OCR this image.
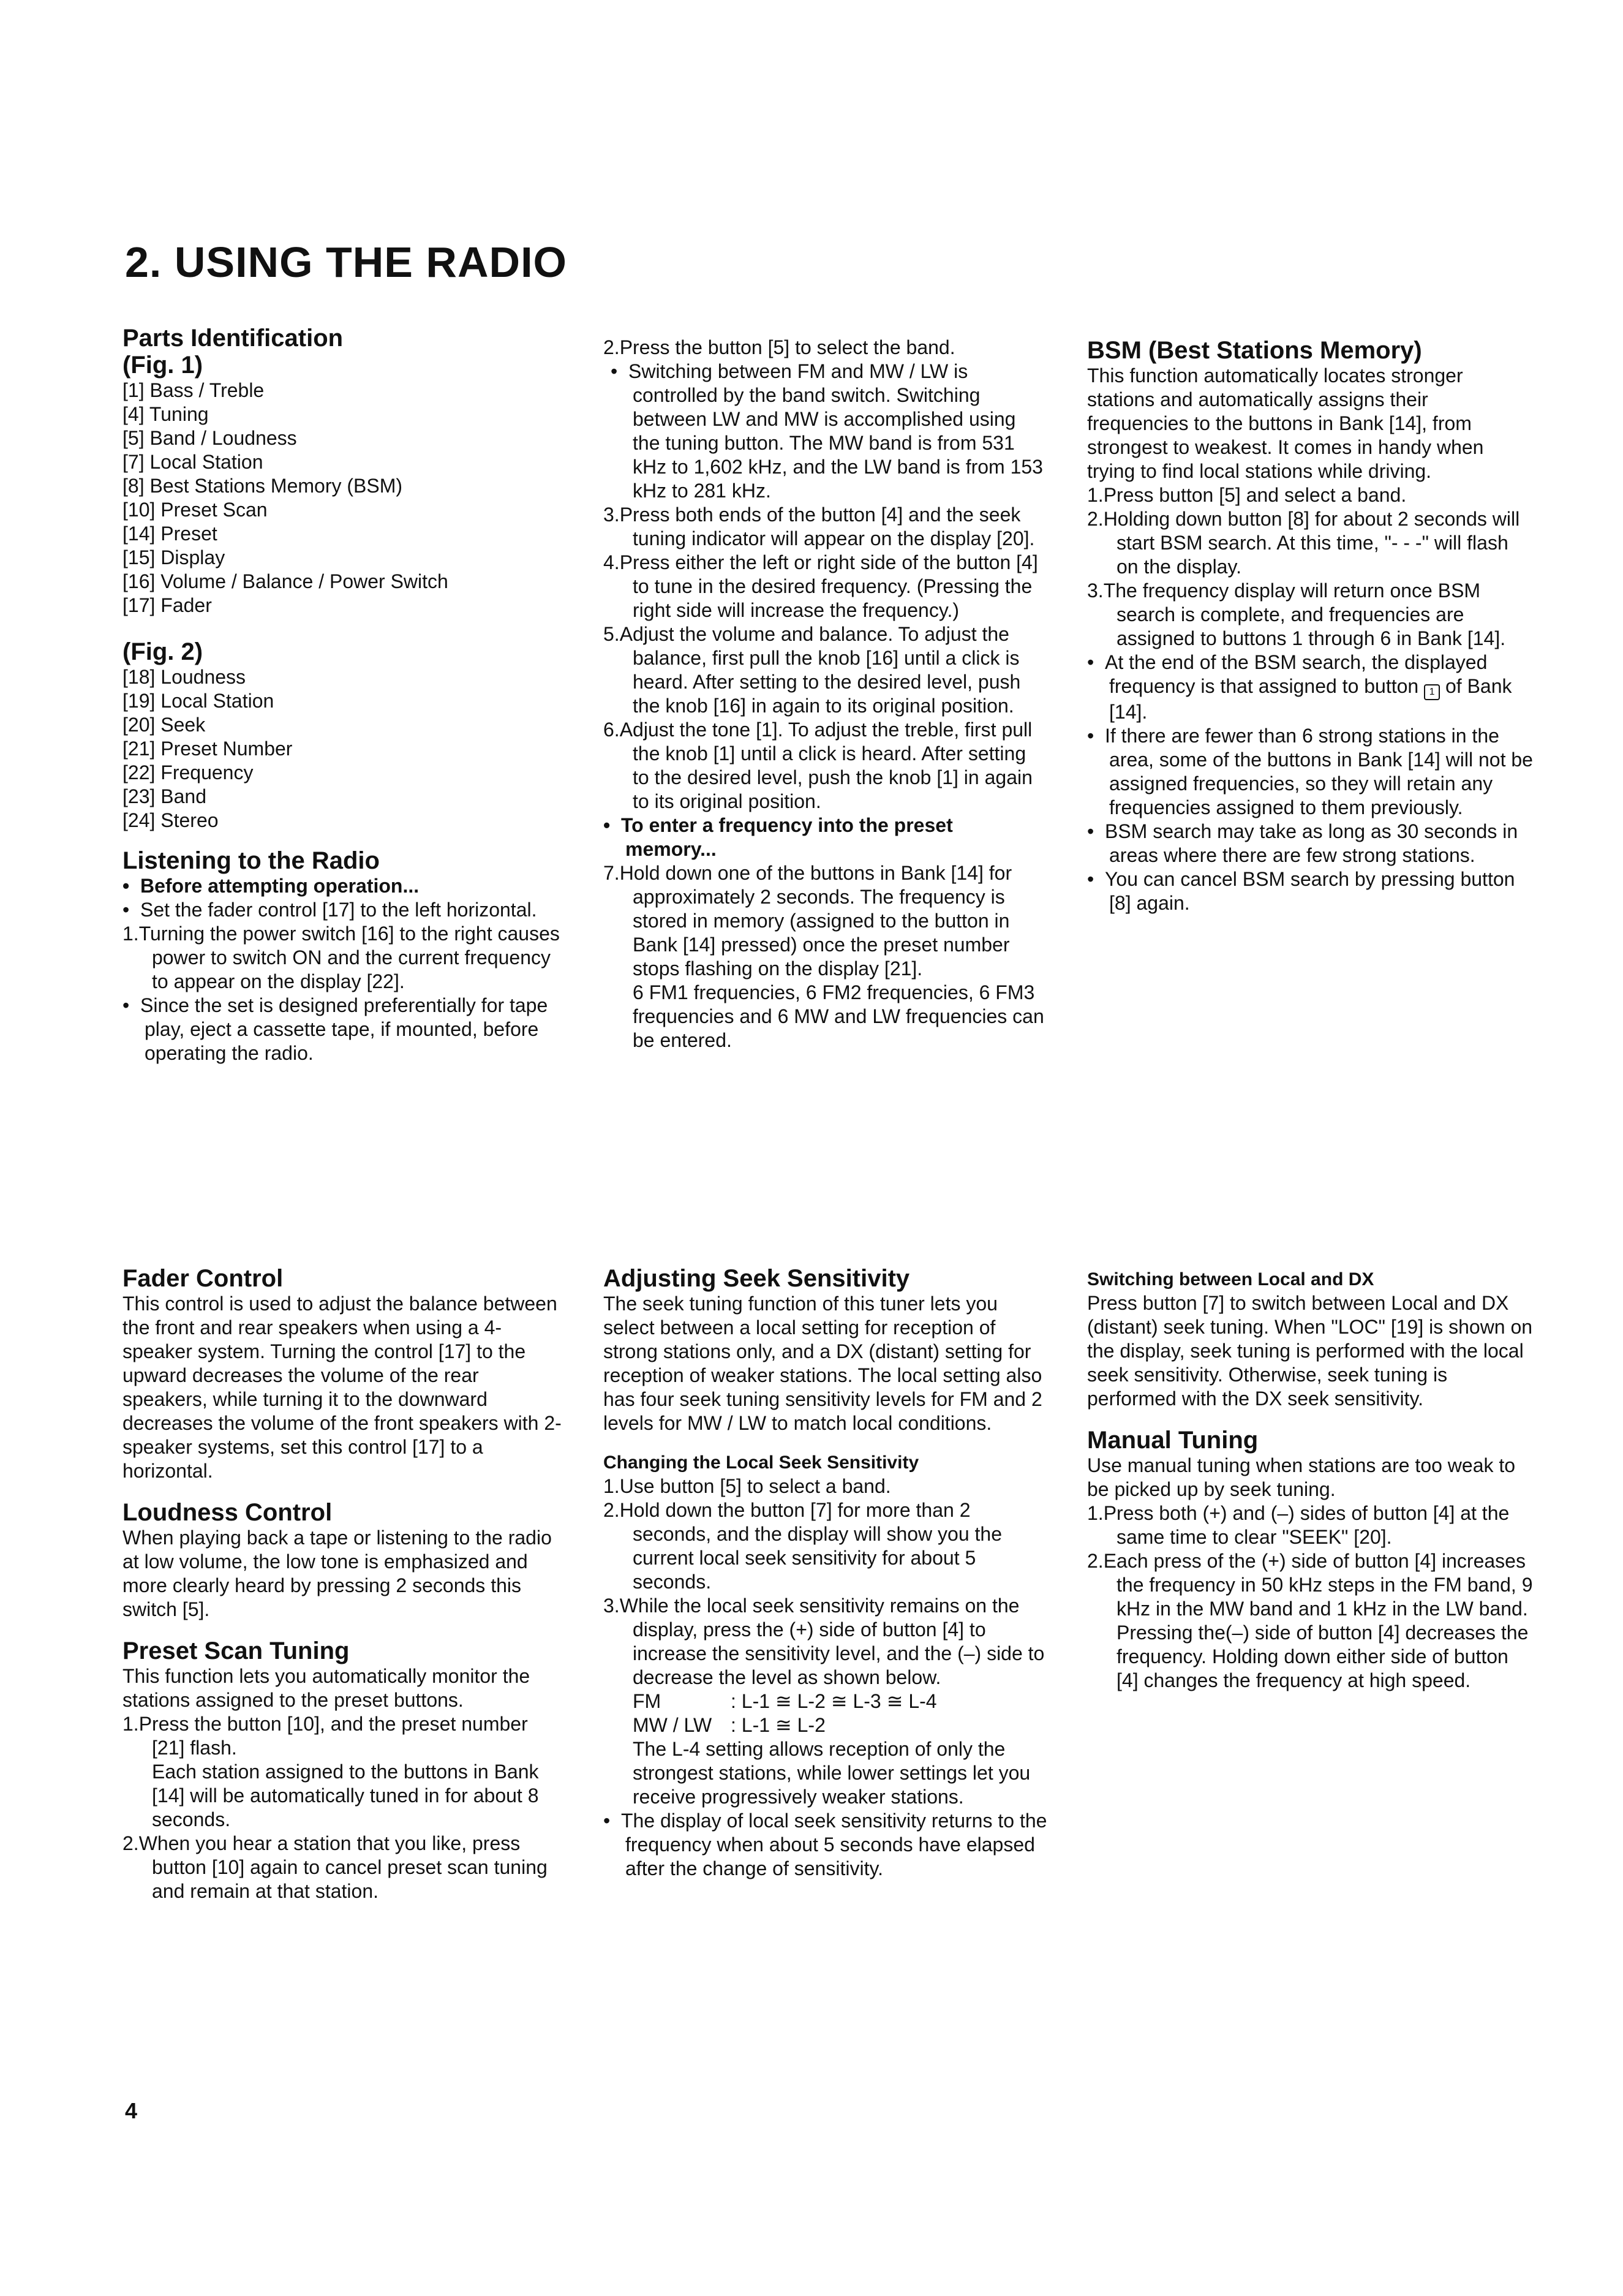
2. USING THE RADIO

Parts Identification

(Fig. 1)

[1] Bass / Treble

[4] Tuning

[5] Band / Loudness

[7] Local Station

[8] Best Stations Memory (BSM)

[10] Preset Scan

[14] Preset

[15] Display

[16] Volume / Balance / Power Switch

[17] Fader

(Fig. 2)

[18] Loudness

[19] Local Station

[20] Seek

[21] Preset Number

[22] Frequency

[23] Band

[24] Stereo

Listening to the Radio

•  Before attempting operation...

•  Set the fader control [17] to the left horizontal.

1.Turning the power switch [16] to the right causes power to switch ON and the current frequency to appear on the display [22].

•  Since the set is designed preferentially for tape play, eject a cassette tape, if mounted, before operating the radio.

2.Press the button [5] to select the band.

•  Switching between FM and MW / LW is controlled by the band switch. Switching between LW and MW is accomplished using the tuning button. The MW band is from 531 kHz to 1,602 kHz, and the LW band is from 153 kHz to 281 kHz.

3.Press both ends of the button [4] and the seek tuning indicator will appear on the display [20].

4.Press either the left or right side of the button [4] to tune in the desired frequency. (Pressing the right side will increase the frequency.)

5.Adjust the volume and balance. To adjust the balance, first pull the knob [16] until a click is heard. After setting to the desired level, push the knob [16] in again to its original position.

6.Adjust the tone [1]. To adjust the treble, first pull the knob [1] until a click is heard. After setting to the desired level, push the knob [1] in again to its original position.

•  To enter a frequency into the preset memory...

7.Hold down one of the buttons in Bank [14] for approximately 2 seconds. The frequency is stored in memory (assigned to the button in Bank [14] pressed) once the preset number stops flashing on the display [21].

6 FM1 frequencies, 6 FM2 frequencies, 6 FM3 frequencies and 6 MW and LW frequencies can be entered.

BSM (Best Stations Memory)

This function automatically locates stronger stations and automatically assigns their frequencies to the buttons in Bank [14], from strongest to weakest. It comes in handy when trying to find local stations while driving.

1.Press button [5] and select a band.

2.Holding down button [8] for about 2 seconds will start BSM search. At this time, "- - -" will flash on the display.

3.The frequency display will return once BSM search is complete, and frequencies are assigned to buttons 1 through 6 in Bank [14].

•  At the end of the BSM search, the displayed frequency is that assigned to button 1 of Bank [14].

•  If there are fewer than 6 strong stations in the area, some of the buttons in Bank [14] will not be assigned frequencies, so they will retain any frequencies assigned to them previously.

•  BSM search may take as long as 30 seconds in areas where there are few strong stations.

•  You can cancel BSM search by pressing button [8] again.

Fader Control

This control is used to adjust the balance between the front and rear speakers when using a 4-speaker system. Turning the control [17] to the upward decreases the volume of the rear speakers, while turning it to the downward decreases the volume of the front speakers with 2-speaker systems, set this control [17] to a horizontal.

Loudness Control

When playing back a tape or listening to the radio at low volume, the low tone is emphasized and more clearly heard by pressing 2 seconds this switch [5].

Preset Scan Tuning

This function lets you automatically monitor the stations assigned to the preset buttons.

1.Press the button [10], and the preset number [21] flash.

Each station assigned to the buttons in Bank [14] will be automatically tuned in for about 8 seconds.

2.When you hear a station that you like, press button [10] again to cancel preset scan tuning and remain at that station.

Adjusting Seek Sensitivity

The seek tuning function of this tuner lets you select between a local setting for reception of strong stations only, and a DX (distant) setting for reception of weaker stations. The local setting also has four seek tuning sensitivity levels for FM and 2 levels for MW / LW to match local conditions.

Changing the Local Seek Sensitivity

1.Use button [5] to select a band.

2.Hold down the button [7] for more than 2 seconds, and the display will show you the current local seek sensitivity for about 5 seconds.

3.While the local seek sensitivity remains on the display, press the (+) side of button [4] to increase the sensitivity level, and the (–) side to decrease the level as shown below.

FM	: L-1 ≅ L-2 ≅ L-3 ≅ L-4

MW / LW : L-1 ≅ L-2

The L-4 setting allows reception of only the strongest stations, while lower settings let you receive progressively weaker stations.

•  The display of local seek sensitivity returns to the frequency when about 5 seconds have elapsed after the change of sensitivity.

Switching between Local and DX

Press button [7] to switch between Local and DX (distant) seek tuning. When "LOC" [19] is shown on the display, seek tuning is performed with the local seek sensitivity. Otherwise, seek tuning is performed with the DX seek sensitivity.

Manual Tuning

Use manual tuning when stations are too weak to be picked up by seek tuning.

1.Press both (+) and (–) sides of button [4] at the same time to clear "SEEK" [20].

2.Each press of the (+) side of button [4] increases the frequency in 50 kHz steps in the FM band, 9 kHz in the MW band and 1 kHz in the LW band. Pressing the(–) side of button [4] decreases the frequency. Holding down either side of button [4] changes the frequency at high speed.

4
